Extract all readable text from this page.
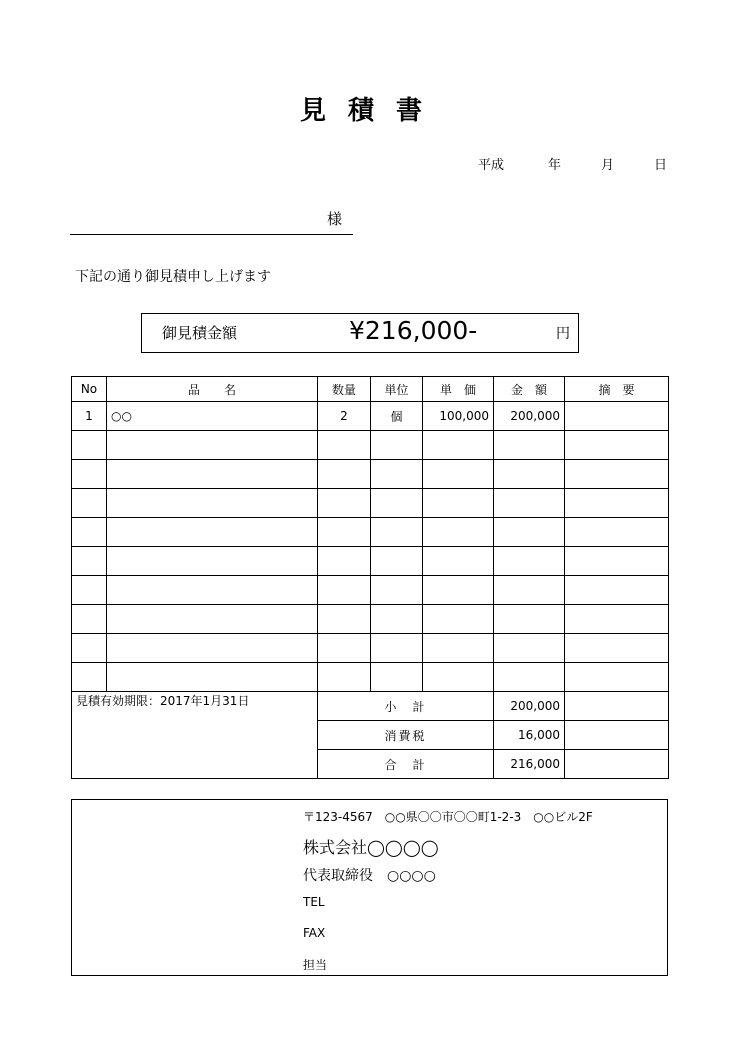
見積書
平成	年	月	日
様
下記の通り御見積申し上げます
御見積金額	¥216,000-	円
No	品　　名	数量	単位	単　価	金　額	摘　要
1	○○	2	個	100,000	200,000	

見積有効期限：2017年1月31日		小　計			200,000	
		消費税			16,000	
		合　計			216,000	
〒123-4567　○○県〇〇市〇〇町1-2-3　○○ビル2F
株式会社◯◯◯◯
代表取締役　○○○○
TEL
FAX
担当
